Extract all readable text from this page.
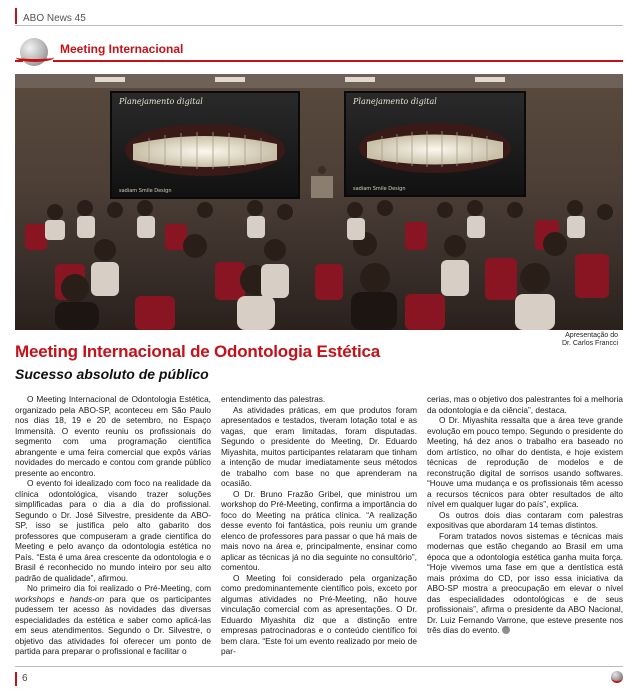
ABO News 45
Meeting Internacional
Planejamento digital
sadiam Smile Design
Planejamento digital
sadiam Smile Design
Apresentação do
Dr. Carlos Francci
Meeting Internacional de Odontologia Estética
Sucesso absoluto de público

O Meeting Internacional de Odontologia Estética, organizado pela ABO-SP, aconteceu em São Paulo nos dias 18, 19 e 20 de setembro, no Espaço Immensità. O evento reuniu os profissionais do segmento com uma programação científica abrangente e uma feira comercial que expôs várias novidades do mercado e contou com grande público presente ao encontro.

O evento foi idealizado com foco na realidade da clínica odontológica, visando trazer soluções simplificadas para o dia a dia do profissional. Segundo o Dr. José Silvestre, presidente da ABO-SP, isso se justifica pelo alto gabarito dos professores que compuseram a grade científica do Meeting e pelo avanço da odontologia estética no País. “Esta é uma área crescente da odontologia e o Brasil é reconhecido no mundo inteiro por seu alto padrão de qualidade”, afirmou.

No primeiro dia foi realizado o Pré-Meeting, com workshops e hands-on para que os participantes pudessem ter acesso às novidades das diversas especialidades da estética e saber como aplicá-las em seus atendimentos. Segundo o Dr. Silvestre, o objetivo das atividades foi oferecer um ponto de partida para preparar o profissional e facilitar o

entendimento das palestras.

As atividades práticas, em que produtos foram apresentados e testados, tiveram lotação total e as vagas, que eram limitadas, foram disputadas. Segundo o presidente do Meeting, Dr. Eduardo Miyashita, muitos participantes relataram que tinham a intenção de mudar imediatamente seus métodos de trabalho com base no que aprenderam na ocasião.

O Dr. Bruno Frazão Gribel, que ministrou um workshop do Pré-Meeting, confirma a importância do foco do Meeting na prática clínica. “A realização desse evento foi fantástica, pois reuniu um grande elenco de professores para passar o que há mais de mais novo na área e, principalmente, ensinar como aplicar as técnicas já no dia seguinte no consultório”, comentou.

O Meeting foi considerado pela organização como predominantemente científico pois, exceto por algumas atividades no Pré-Meeting, não houve vinculação comercial com as apresentações. O Dr. Eduardo Miyashita diz que a distinção entre empresas patrocinadoras e o conteúdo científico foi bem clara. “Este foi um evento realizado por meio de par-

cerias, mas o objetivo dos palestrantes foi a melhoria da odontologia e da ciência”, destaca.

O Dr. Miyashita ressalta que a área teve grande evolução em pouco tempo. Segundo o presidente do Meeting, há dez anos o trabalho era baseado no dom artístico, no olhar do dentista, e hoje existem técnicas de reprodução de modelos e de reconstrução digital de sorrisos usando softwares. “Houve uma mudança e os profissionais têm acesso a recursos técnicos para obter resultados de alto nível em qualquer lugar do país”, explica.

Os outros dois dias contaram com palestras expositivas que abordaram 14 temas distintos.

Foram tratados novos sistemas e técnicas mais modernas que estão chegando ao Brasil em uma época que a odontologia estética ganha muita força. “Hoje vivemos uma fase em que a dentística está mais próxima do CD, por isso essa iniciativa da ABO-SP mostra a preocupação em elevar o nível das especialidades odontológicas e de seus profissionais”, afirma o presidente da ABO Nacional, Dr. Luiz Fernando Varrone, que esteve presente nos três dias do evento.

6
